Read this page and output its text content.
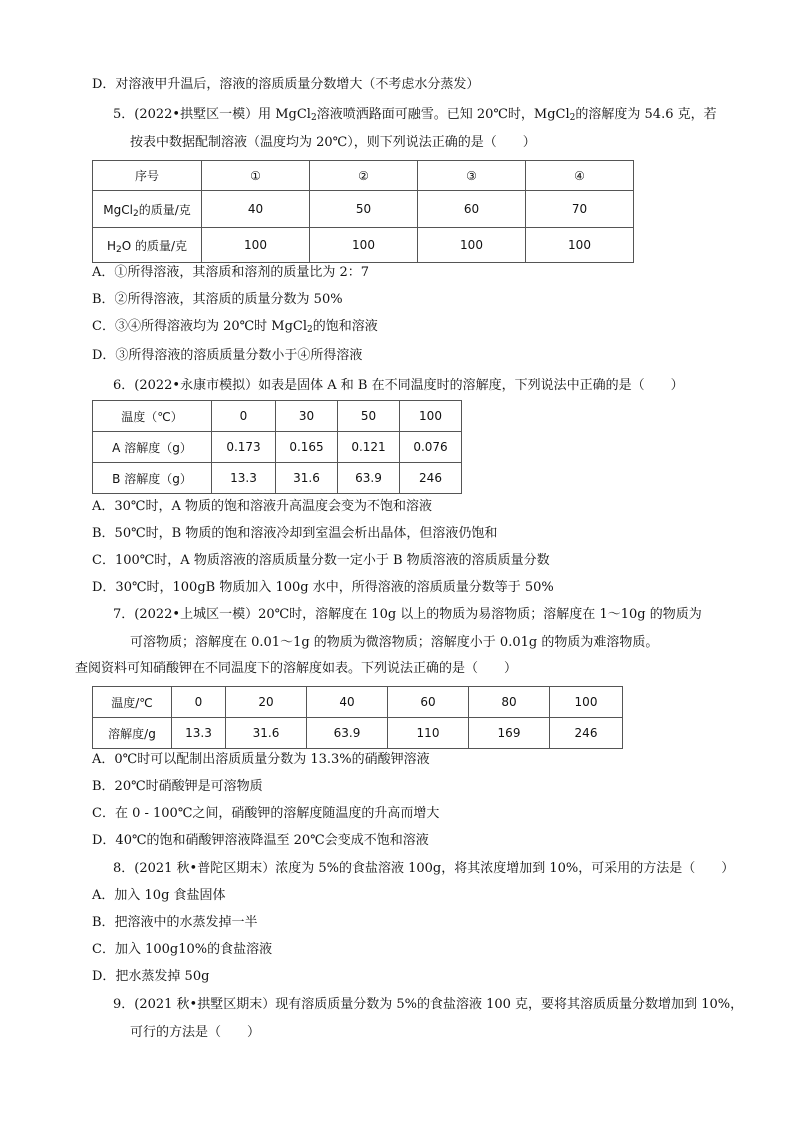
D．对溶液甲升温后，溶液的溶质质量分数增大（不考虑水分蒸发）
5．(2022•拱墅区一模）用 MgCl$_2$溶液喷洒路面可融雪。已知 20℃时，MgCl$_2$的溶解度为 54.6 克，若
按表中数据配制溶液（温度均为 20℃），则下列说法正确的是（　　）
序号	①	②	③	④
MgCl$_2$的质量/克	40	50	60	70
$H_2O$ 的质量/克	100	100	100	100
A．①所得溶液，其溶质和溶剂的质量比为 2：7
B．②所得溶液，其溶质的质量分数为 50%
C．③④所得溶液均为 20℃时 MgCl$_2$的饱和溶液
D．③所得溶液的溶质质量分数小于④所得溶液
6．(2022•永康市模拟）如表是固体 A 和 B 在不同温度时的溶解度，下列说法中正确的是（　　）
温度（℃）	0	30	50	100
A 溶解度（g）	0.173	0.165	0.121	0.076
B 溶解度（g）	13.3	31.6	63.9	246
A．30℃时，A 物质的饱和溶液升高温度会变为不饱和溶液
B．50℃时，B 物质的饱和溶液冷却到室温会析出晶体，但溶液仍饱和
C．100℃时，A 物质溶液的溶质质量分数一定小于 B 物质溶液的溶质质量分数
D．30℃时，100gB 物质加入 100g 水中，所得溶液的溶质质量分数等于 50%
7．(2022•上城区一模）20℃时，溶解度在 10g 以上的物质为易溶物质；溶解度在 1～10g 的物质为
可溶物质；溶解度在 0.01～1g 的物质为微溶物质；溶解度小于 0.01g 的物质为难溶物质。
查阅资料可知硝酸钾在不同温度下的溶解度如表。下列说法正确的是（　　）
温度/℃	0	20	40	60	80	100
溶解度/g	13.3	31.6	63.9	110	169	246
A．0℃时可以配制出溶质质量分数为 13.3%的硝酸钾溶液
B．20℃时硝酸钾是可溶物质
C．在 0 - 100℃之间，硝酸钾的溶解度随温度的升高而增大
D．40℃的饱和硝酸钾溶液降温至 20℃会变成不饱和溶液
8．(2021 秋•普陀区期末）浓度为 5%的食盐溶液 100g，将其浓度增加到 10%，可采用的方法是（　　）
A．加入 10g 食盐固体
B．把溶液中的水蒸发掉一半
C．加入 100g10%的食盐溶液
D．把水蒸发掉 50g
9．(2021 秋•拱墅区期末）现有溶质质量分数为 5%的食盐溶液 100 克，要将其溶质质量分数增加到 10%，
可行的方法是（　　）
